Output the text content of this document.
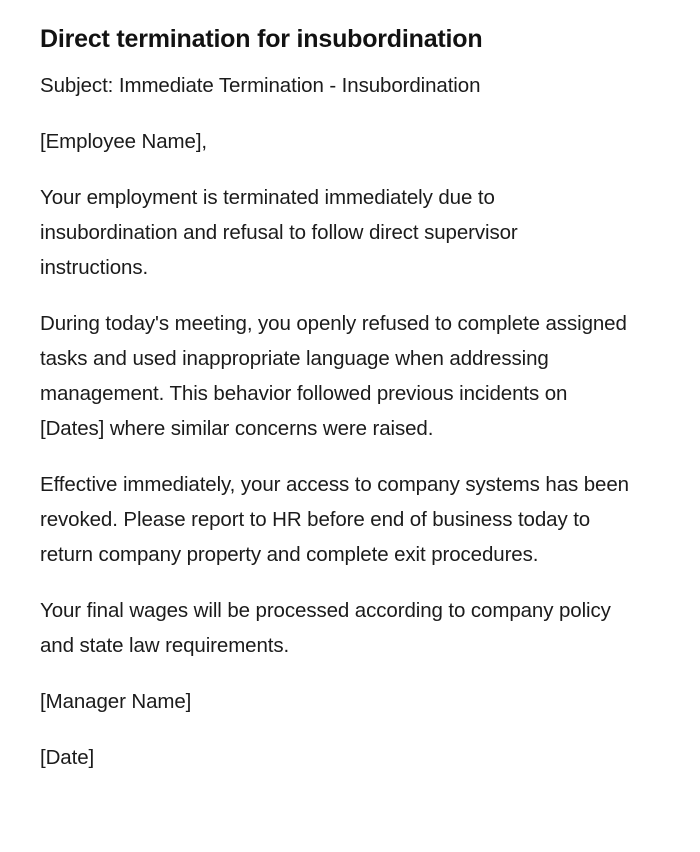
Direct termination for insubordination

Subject: Immediate Termination - Insubordination

[Employee Name],

Your employment is terminated immediately due to insubordination and refusal to follow direct supervisor instructions.

During today's meeting, you openly refused to complete assigned tasks and used inappropriate language when addressing management. This behavior followed previous incidents on [Dates] where similar concerns were raised.

Effective immediately, your access to company systems has been revoked. Please report to HR before end of business today to return company property and complete exit procedures.

Your final wages will be processed according to company policy and state law requirements.

[Manager Name]

[Date]
